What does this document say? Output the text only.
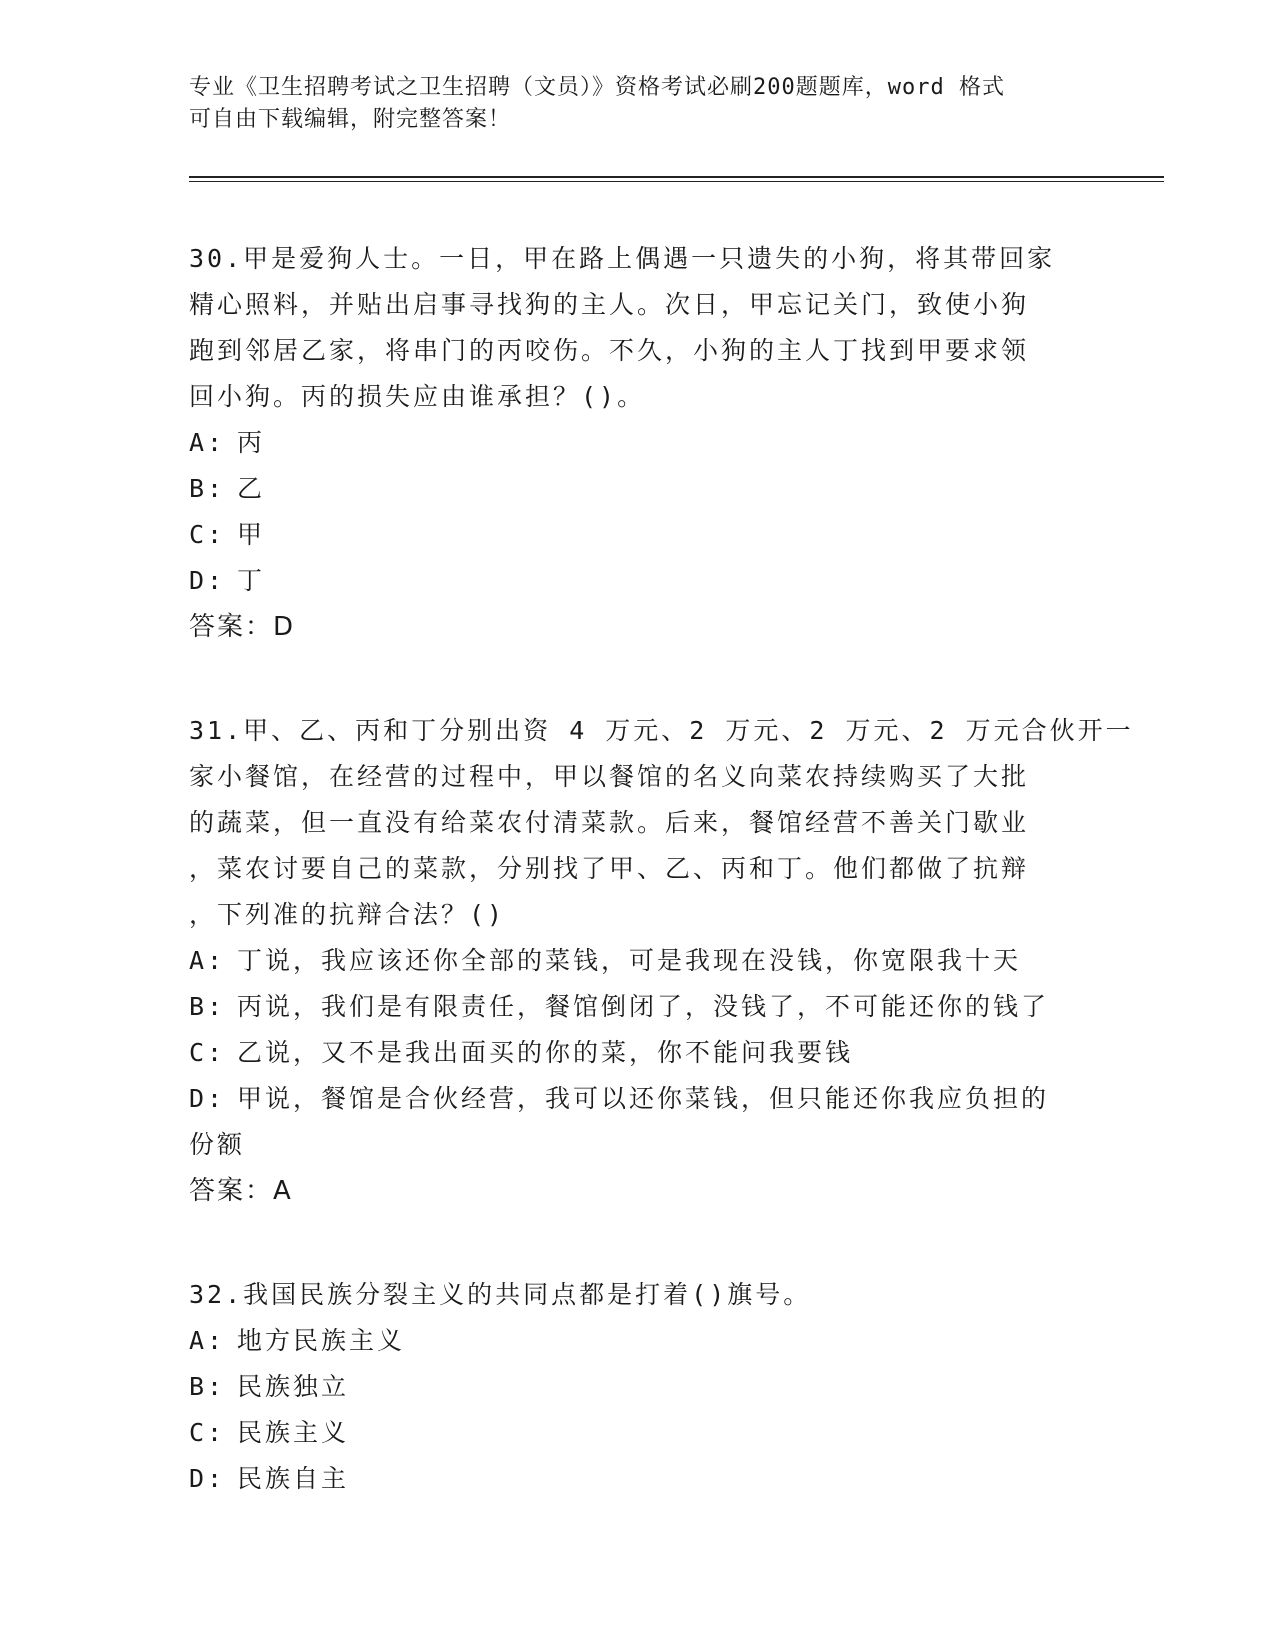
专业《卫生招聘考试之卫生招聘（文员）》资格考试必刷200题题库，word 格式

可自由下载编辑，附完整答案！

30.甲是爱狗人士。一日，甲在路上偶遇一只遗失的小狗，将其带回家

精心照料，并贴出启事寻找狗的主人。次日，甲忘记关门，致使小狗

跑到邻居乙家，将串门的丙咬伤。不久，小狗的主人丁找到甲要求领

回小狗。丙的损失应由谁承担？()。

A: 丙

B: 乙

C: 甲

D: 丁

答案：D

31.甲、乙、丙和丁分别出资 4 万元、2 万元、2 万元、2 万元合伙开一

家小餐馆，在经营的过程中，甲以餐馆的名义向菜农持续购买了大批

的蔬菜，但一直没有给菜农付清菜款。后来，餐馆经营不善关门歇业

，菜农讨要自己的菜款，分别找了甲、乙、丙和丁。他们都做了抗辩

，下列准的抗辩合法？()

A: 丁说，我应该还你全部的菜钱，可是我现在没钱，你宽限我十天

B: 丙说，我们是有限责任，餐馆倒闭了，没钱了，不可能还你的钱了

C: 乙说，又不是我出面买的你的菜，你不能问我要钱

D: 甲说，餐馆是合伙经营，我可以还你菜钱，但只能还你我应负担的

份额

答案：A

32.我国民族分裂主义的共同点都是打着()旗号。

A: 地方民族主义

B: 民族独立

C: 民族主义

D: 民族自主
